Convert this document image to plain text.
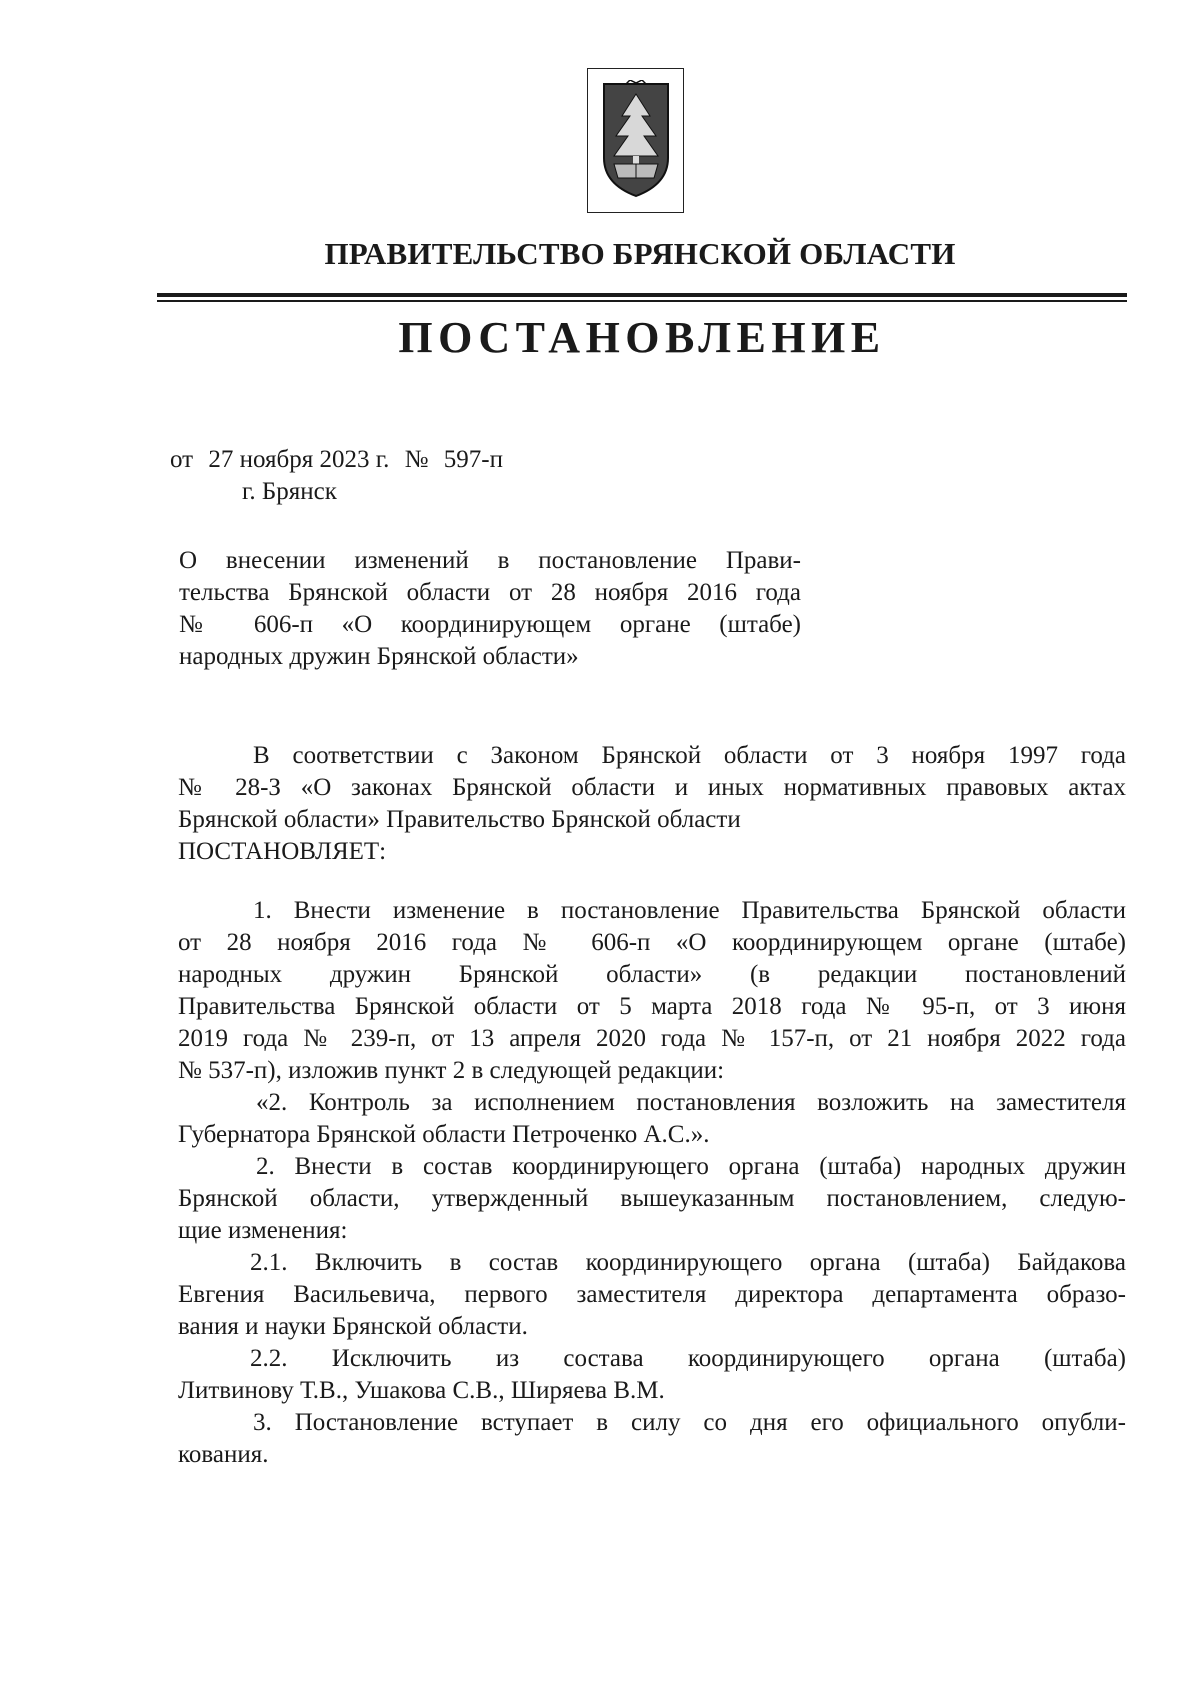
ПРАВИТЕЛЬСТВО БРЯНСКОЙ ОБЛАСТИ
ПОСТАНОВЛЕНИЕ
от 27 ноября 2023 г. № 597-п
г. Брянск
О внесении изменений в постановление Прави-
тельства Брянской области от 28 ноября 2016 года
№ 606-п «О координирующем органе (штабе)
народных дружин Брянской области»
В соответствии с Законом Брянской области от 3 ноября 1997 года
№ 28-З «О законах Брянской области и иных нормативных правовых актах
Брянской области» Правительство Брянской области
ПОСТАНОВЛЯЕТ:
1. Внести изменение в постановление Правительства Брянской области
от 28 ноября 2016 года № 606-п «О координирующем органе (штабе)
народных дружин Брянской области» (в редакции постановлений
Правительства Брянской области от 5 марта 2018 года № 95-п, от 3 июня
2019 года № 239-п, от 13 апреля 2020 года № 157-п, от 21 ноября 2022 года
№ 537-п), изложив пункт 2 в следующей редакции:
«2. Контроль за исполнением постановления возложить на заместителя
Губернатора Брянской области Петроченко А.С.».
2. Внести в состав координирующего органа (штаба) народных дружин
Брянской области, утвержденный вышеуказанным постановлением, следую-
щие изменения:
2.1. Включить в состав координирующего органа (штаба) Байдакова
Евгения Васильевича, первого заместителя директора департамента образо-
вания и науки Брянской области.
2.2. Исключить из состава координирующего органа (штаба)
Литвинову Т.В., Ушакова С.В., Ширяева В.М.
3. Постановление вступает в силу со дня его официального опубли-
кования.
